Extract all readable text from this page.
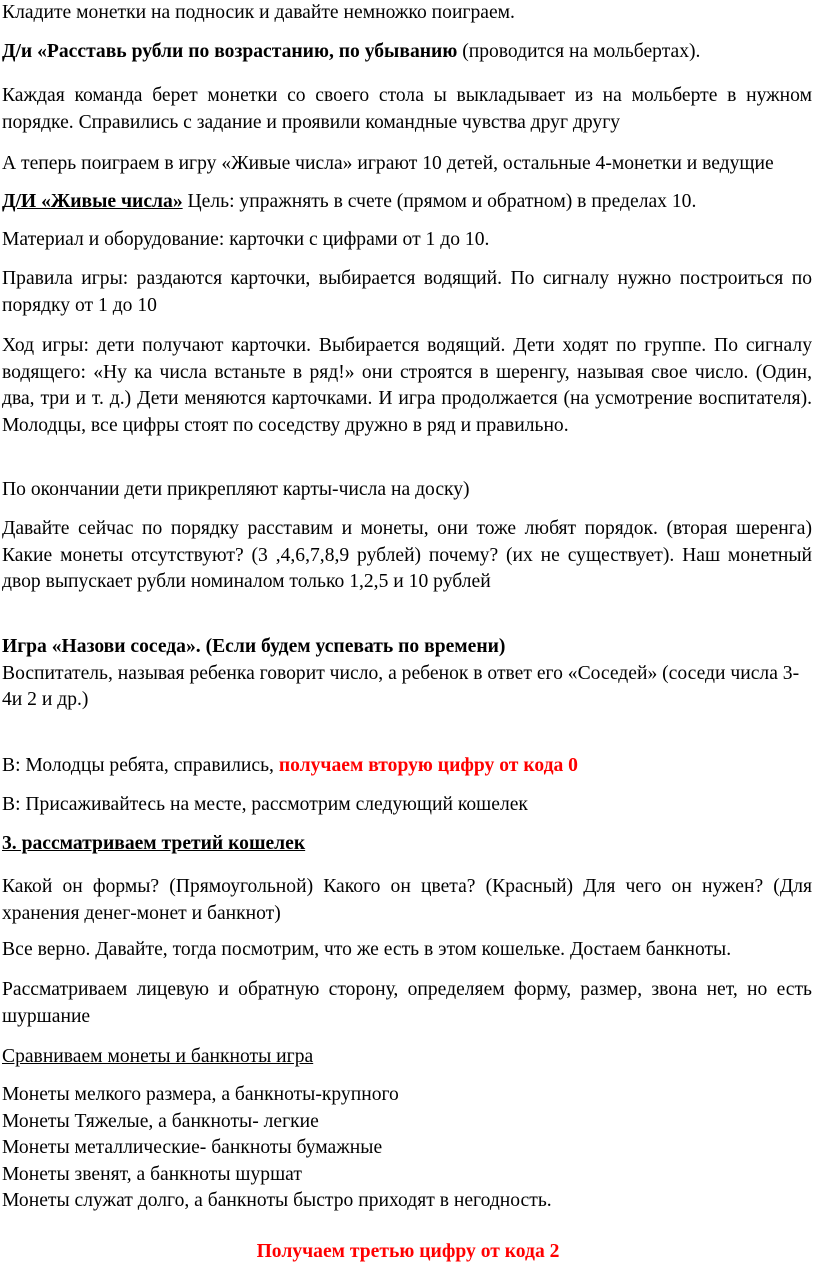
Кладите монетки на подносик и давайте немножко поиграем.

Д/и «Расставь рубли по возрастанию, по убыванию (проводится на мольбертах).

Каждая команда берет монетки со своего стола ы выкладывает из на мольберте в нужном порядке. Справились с задание и проявили командные чувства друг другу

А теперь поиграем в игру «Живые числа» играют 10 детей, остальные 4-монетки и ведущие

Д/И «Живые числа» Цель: упражнять в счете (прямом и обратном) в пределах 10.

Материал и оборудование: карточки с цифрами от 1 до 10.

Правила игры: раздаются карточки, выбирается водящий. По сигналу нужно построиться по порядку от 1 до 10

Ход игры: дети получают карточки. Выбирается водящий. Дети ходят по группе. По сигналу водящего: «Ну ка числа встаньте в ряд!» они строятся в шеренгу, называя свое число. (Один, два, три и т. д.) Дети меняются карточками. И игра продолжается (на усмотрение воспитателя). Молодцы, все цифры стоят по соседству дружно в ряд и правильно.

По окончании дети прикрепляют карты-числа на доску)

Давайте сейчас по порядку расставим и монеты, они тоже любят порядок. (вторая шеренга) Какие монеты отсутствуют? (3 ,4,6,7,8,9 рублей) почему? (их не существует). Наш монетный двор выпускает рубли номиналом только 1,2,5 и 10 рублей

Игра «Назови соседа». (Если будем успевать по времени)

Воспитатель, называя ребенка говорит число, а ребенок в ответ его «Соседей» (соседи числа 3-4и 2 и др.)

В: Молодцы ребята, справились, получаем вторую цифру от кода 0

В: Присаживайтесь на месте, рассмотрим следующий кошелек

3. рассматриваем третий кошелек

Какой он формы? (Прямоугольной) Какого он цвета? (Красный) Для чего он нужен? (Для хранения денег-монет и банкнот)

Все верно. Давайте, тогда посмотрим, что же есть в этом кошельке. Достаем банкноты.

Рассматриваем лицевую и обратную сторону, определяем форму, размер, звона нет, но есть шуршание

Сравниваем монеты и банкноты игра

Монеты мелкого размера, а банкноты-крупного

Монеты Тяжелые, а банкноты- легкие

Монеты металлические- банкноты бумажные

Монеты звенят, а банкноты шуршат

Монеты служат долго, а банкноты быстро приходят в негодность.

Получаем третью цифру от кода 2
